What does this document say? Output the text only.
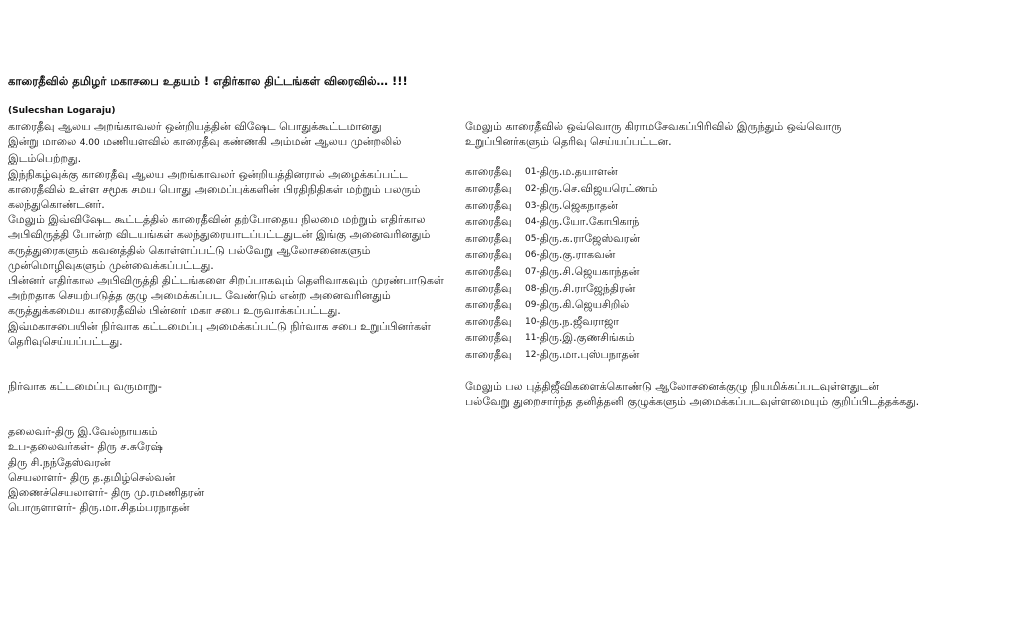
காரைதீவில் தமிழர் மகாசபை உதயம் ! எதிர்கால திட்டங்கள் விரைவில்… !!!
(Sulecshan Logaraju)

காரைதீவு ஆலய அறங்காவலர் ஒன்றியத்தின் விஷேட பொதுக்கூட்டமானது
இன்று மாலை 4.00 மணியளவில் காரைதீவு கண்ணகி அம்மன் ஆலய முன்றலில் இடம்பெற்றது.

இந்நிகழ்வுக்கு காரைதீவு ஆலய அறங்காவலர் ஒன்றியத்தினரால் அழைக்கப்பட்ட காரைதீவில் உள்ள சமூக சமய பொது அமைப்புக்களின் பிரதிநிதிகள் மற்றும் பலரும் கலந்துகொண்டனர்.

மேலும் இவ்விஷேட கூட்டத்தில் காரைதீவின் தற்போதைய நிலமை மற்றும் எதிர்கால அபிவிருத்தி போன்ற விடயங்கள் கலந்துரையாடப்பட்டதுடன் இங்கு அனைவரினதும் கருத்துரைகளும் கவனத்தில் கொள்ளப்பட்டு பல்வேறு ஆலோசனைகளும் முன்மொழிவுகளும் முன்வைக்கப்பட்டது.

பின்னர் எதிர்கால அபிவிருத்தி திட்டங்களை சிறப்பாகவும் தெளிவாகவும் முரண்பாடுகள் அற்றதாக செயற்படுத்த குழு அமைக்கப்பட வேண்டும் என்ற அனைவரினதும் கருத்துக்கமைய காரைதீவில் பின்னர் மகா சபை உருவாக்கப்பட்டது.

இவ்மகாசபையின் நிர்வாக கட்டமைப்பு அமைக்கப்பட்டு நிர்வாக சபை உறுப்பினர்கள் தெரிவுசெய்யப்பட்டது.

நிர்வாக கட்டமைப்பு வருமாறு-

தலைவர்-திரு இ.வேல்நாயகம்

உப-தலைவர்கள்- திரு ச.சுரேஷ்

திரு சி.நந்தேஸ்வரன்

செயலாளர்- திரு த.தமிழ்செல்வன்

இணைச்செயலாளர்- திரு மு.ரமணிதரன்

பொருளாளர்- திரு.மா.சிதம்பரநாதன்

மேலும் காரைதீவில் ஒவ்வொரு கிராமசேவகப்பிரிவில் இருந்தும் ஒவ்வொரு உறுப்பினர்களும் தெரிவு செய்யப்பட்டன.

காரைதீவு	01- திரு.ம.தயாளன்
காரைதீவு	02- திரு.செ.விஜயரெட்ணம்
காரைதீவு	03- திரு.ஜெகநாதன்
காரைதீவு	04- திரு.யோ.கோபிகாந்
காரைதீவு	05- திரு.க.ராஜேஸ்வரன்
காரைதீவு	06- திரு.கு.ராகவன்
காரைதீவு	07- திரு.சி.ஜெயகாந்தன்
காரைதீவு	08- திரு.சி.ராஜேந்திரன்
காரைதீவு	09- திரு.கி.ஜெயசிறில்
காரைதீவு	10- திரு.ந.ஜீவராஜா
காரைதீவு	11- திரு.இ.குணசிங்கம்
காரைதீவு	12- திரு.மா.புஸ்பநாதன்

மேலும் பல புத்திஜீவிகளைக்கொண்டு ஆலோசனைக்குழு நியமிக்கப்படவுள்ளதுடன் பல்வேறு துறைசார்ந்த தனித்தனி குழுக்களும் அமைக்கப்படவுள்ளமையும் குறிப்பிடத்தக்கது.
